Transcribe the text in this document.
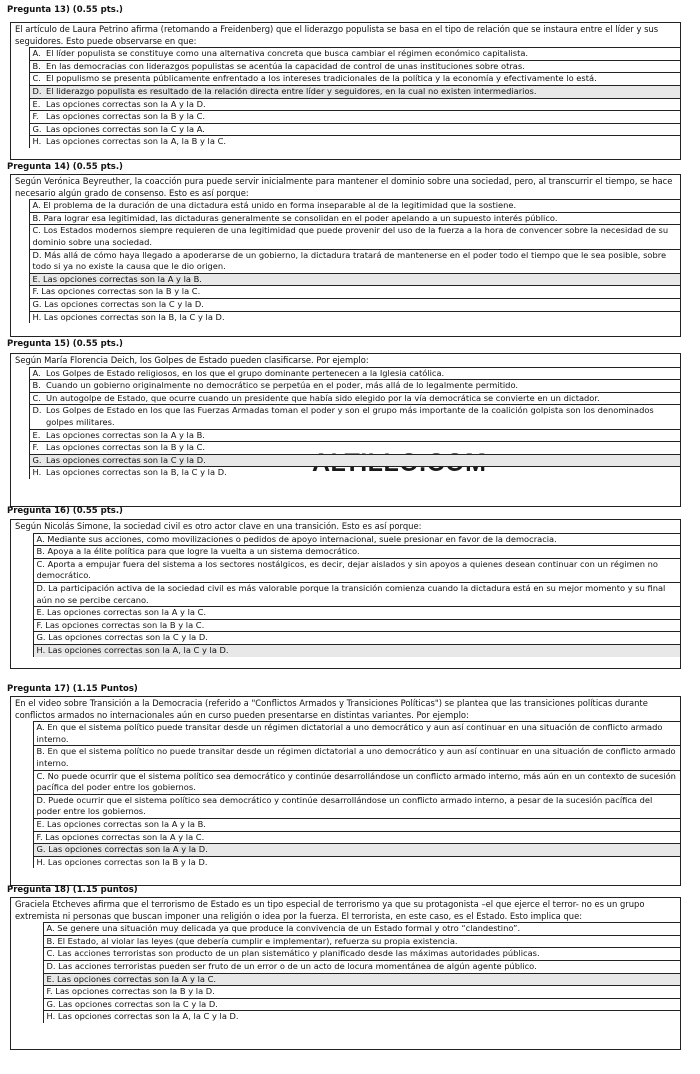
Pregunta 13) (0.55 pts.)
El artículo de Laura Petrino afirma (retomando a Freidenberg) que el liderazgo populista se basa en el tipo de relación que se instaura entre el líder y sus seguidores. Esto puede observarse en que:
	A.	El líder populista se constituye como una alternativa concreta que busca cambiar el régimen económico capitalista.
	B.	En las democracias con liderazgos populistas se acentúa la capacidad de control de unas instituciones sobre otras.
	C.	El populismo se presenta públicamente enfrentado a los intereses tradicionales de la política y la economía y efectivamente lo está.
	D.	El liderazgo populista es resultado de la relación directa entre líder y seguidores, en la cual no existen intermediarios.
	E.	Las opciones correctas son la A y la D.
	F.	Las opciones correctas son la B y la C.
	G.	Las opciones correctas son la C y la A.
	H.	Las opciones correctas son la A, la B y la C.
Pregunta 14) (0.55 pts.)
Según Verónica Beyreuther, la coacción pura puede servir inicialmente para mantener el dominio sobre una sociedad, pero, al transcurrir el tiempo, se hace necesario algún grado de consenso. Esto es así porque:
	A. El problema de la duración de una dictadura está unido en forma inseparable al de la legitimidad que la sostiene.
	B. Para lograr esa legitimidad, las dictaduras generalmente se consolidan en el poder apelando a un supuesto interés público.
	C. Los Estados modernos siempre requieren de una legitimidad que puede provenir del uso de la fuerza a la hora de convencer sobre la necesidad de su dominio sobre una sociedad.
	D. Más allá de cómo haya llegado a apoderarse de un gobierno, la dictadura tratará de mantenerse en el poder todo el tiempo que le sea posible, sobre todo si ya no existe la causa que le dio origen.
	E. Las opciones correctas son la A y la B.
	F. Las opciones correctas son la B y la C.
	G. Las opciones correctas son la C y la D.
	H. Las opciones correctas son la B, la C y la D.
Pregunta 15) (0.55 pts.)
Según María Florencia Deich, los Golpes de Estado pueden clasificarse. Por ejemplo:
	A.	Los Golpes de Estado religiosos, en los que el grupo dominante pertenecen a la Iglesia católica.
	B.	Cuando un gobierno originalmente no democrático se perpetúa en el poder, más allá de lo legalmente permitido.
	C.	Un autogolpe de Estado, que ocurre cuando un presidente que había sido elegido por la vía democrática se convierte en un dictador.
	D.	Los Golpes de Estado en los que las Fuerzas Armadas toman el poder y son el grupo más importante de la coalición golpista son los denominados golpes militares.
	E.	Las opciones correctas son la A y la B.
	F.	Las opciones correctas son la B y la C.
	G.	Las opciones correctas son la C y la D.
	H.	Las opciones correctas son la B, la C y la D.
Pregunta 16) (0.55 pts.)
Según Nicolás Simone, la sociedad civil es otro actor clave en una transición. Esto es así porque:
	A. Mediante sus acciones, como movilizaciones o pedidos de apoyo internacional, suele presionar en favor de la democracia.
	B. Apoya a la élite política para que logre la vuelta a un sistema democrático.
	C. Aporta a empujar fuera del sistema a los sectores nostálgicos, es decir, dejar aislados y sin apoyos a quienes desean continuar con un régimen no democrático.
	D. La participación activa de la sociedad civil es más valorable porque la transición comienza cuando la dictadura está en su mejor momento y su final aún no se percibe cercano.
	E. Las opciones correctas son la A y la C.
	F. Las opciones correctas son la B y la C.
	G. Las opciones correctas son la C y la D.
	H. Las opciones correctas son la A, la C y la D.
Pregunta 17) (1.15 Puntos)
En el video sobre Transición a la Democracia (referido a "Conflictos Armados y Transiciones Políticas") se plantea que las transiciones políticas durante conflictos armados no internacionales aún en curso pueden presentarse en distintas variantes. Por ejemplo:
	A. En que el sistema político puede transitar desde un régimen dictatorial a uno democrático y aun así continuar en una situación de conflicto armado interno.
	B. En que el sistema político no puede transitar desde un régimen dictatorial a uno democrático y aun así continuar en una situación de conflicto armado interno.
	C. No puede ocurrir que el sistema político sea democrático y continúe desarrollándose un conflicto armado interno, más aún en un contexto de sucesión pacífica del poder entre los gobiernos.
	D. Puede ocurrir que el sistema político sea democrático y continúe desarrollándose un conflicto armado interno, a pesar de la sucesión pacífica del poder entre los gobiernos.
	E. Las opciones correctas son la A y la B.
	F. Las opciones correctas son la A y la C.
	G. Las opciones correctas son la A y la D.
	H. Las opciones correctas son la B y la D.
Pregunta 18) (1.15 puntos)
Graciela Etcheves afirma que el terrorismo de Estado es un tipo especial de terrorismo ya que su protagonista –el que ejerce el terror- no es un grupo extremista ni personas que buscan imponer una religión o idea por la fuerza. El terrorista, en este caso, es el Estado. Esto implica que:
	A. Se genere una situación muy delicada ya que produce la convivencia de un Estado formal y otro “clandestino”.
	B. El Estado, al violar las leyes (que debería cumplir e implementar), refuerza su propia existencia.
	C. Las acciones terroristas son producto de un plan sistemático y planificado desde las máximas autoridades públicas.
	D. Las acciones terroristas pueden ser fruto de un error o de un acto de locura momentánea de algún agente público.
	E. Las opciones correctas son la A y la C.
	F. Las opciones correctas son la B y la D.
	G. Las opciones correctas son la C y la D.
	H. Las opciones correctas son la A, la C y la D.
